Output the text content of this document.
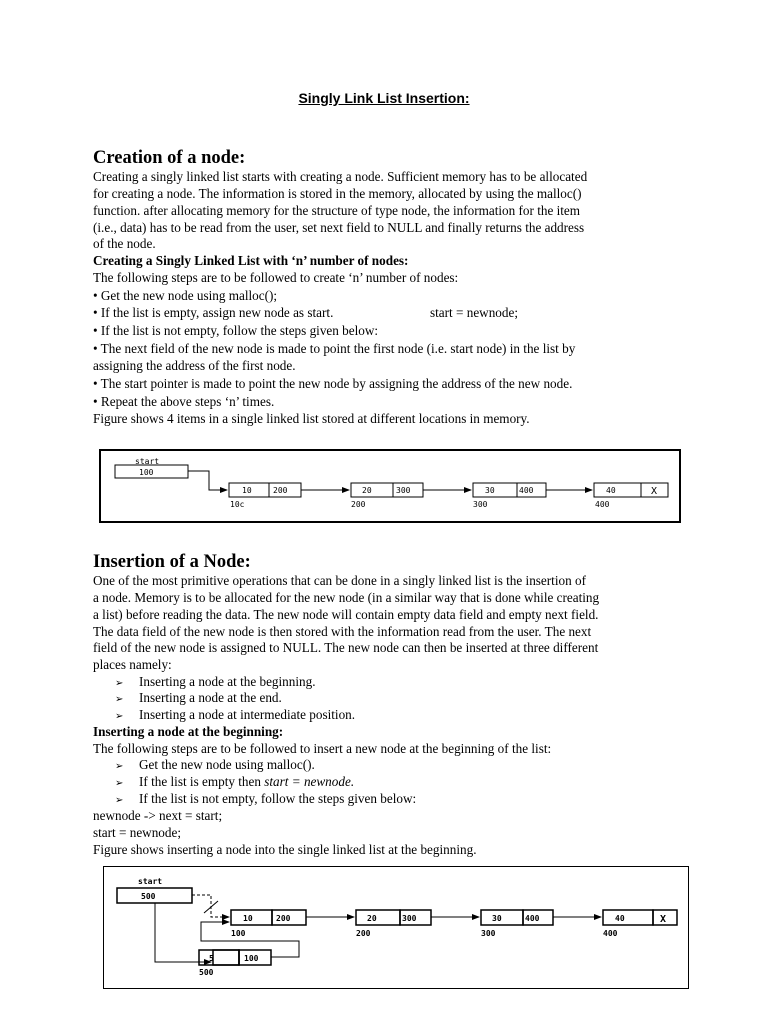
Singly Link List Insertion:
Creation of a node:
Creating a singly linked list starts with creating a node. Sufficient memory has to be allocated
for creating a node. The information is stored in the memory, allocated by using the malloc()
function. after allocating memory for the structure of type node, the information for the item
(i.e., data) has to be read from the user, set next field to NULL and finally returns the address
of the node.
Creating a Singly Linked List with ‘n’ number of nodes:
The following steps are to be followed to create ‘n’ number of nodes:
• Get the new node using malloc();
• If the list is empty, assign new node as start.	start = newnode;
• If the list is not empty, follow the steps given below:
• The next field of the new node is made to point the first node (i.e. start node) in the list by
assigning the address of the first node.
• The start pointer is made to point the new node by assigning the address of the new node.
• Repeat the above steps ‘n’ times.
Figure shows 4 items in a single linked list stored at different locations in memory.
start
100
10	200
10c
20	300
200
30	400
300
40	X
400
Insertion of a Node:
One of the most primitive operations that can be done in a singly linked list is the insertion of
a node. Memory is to be allocated for the new node (in a similar way that is done while creating
a list) before reading the data. The new node will contain empty data field and empty next field.
The data field of the new node is then stored with the information read from the user. The next
field of the new node is assigned to NULL. The new node can then be inserted at three different
places namely:
➢ Inserting a node at the beginning.
➢ Inserting a node at the end.
➢ Inserting a node at intermediate position.
Inserting a node at the beginning:
The following steps are to be followed to insert a new node at the beginning of the list:
➢ Get the new node using malloc().
➢ If the list is empty then start = newnode.
➢ If the list is not empty, follow the steps given below:
newnode -> next = start;
start = newnode;
Figure shows inserting a node into the single linked list at the beginning.
start
500
10	200
100
20	300
200
30	400
300
40	X
400
5	100
500
